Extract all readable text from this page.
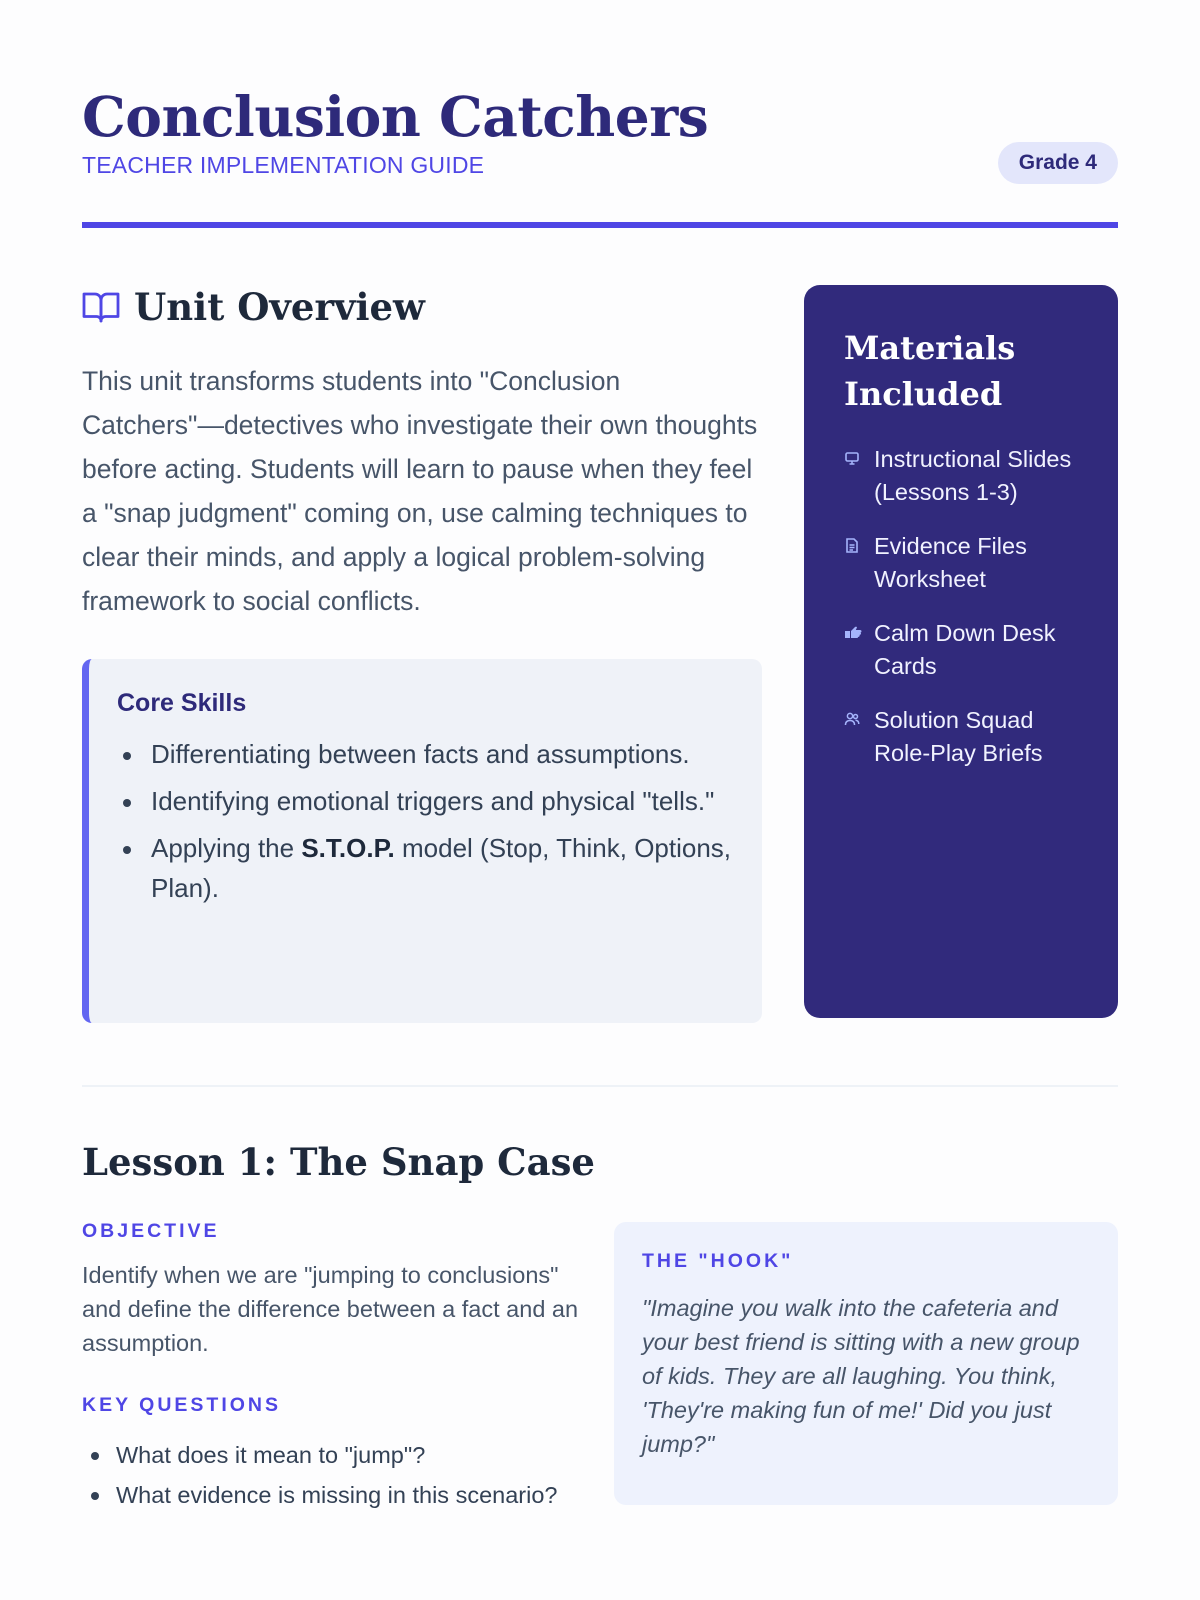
Conclusion Catchers
TEACHER IMPLEMENTATION GUIDE	Grade 4
Unit Overview

This unit transforms students into "Conclusion Catchers"—detectives who investigate their own thoughts before acting. Students will learn to pause when they feel a "snap judgment" coming on, use calming techniques to clear their minds, and apply a logical problem-solving framework to social conflicts.

Core Skills
Differentiating between facts and assumptions.
Identifying emotional triggers and physical "tells."
Applying the S.T.O.P. model (Stop, Think, Options, Plan).
Materials Included
Instructional Slides (Lessons 1-3)
Evidence Files Worksheet
Calm Down Desk Cards
Solution Squad Role-Play Briefs
Lesson 1: The Snap Case
OBJECTIVE

Identify when we are "jumping to conclusions" and define the difference between a fact and an assumption.

KEY QUESTIONS
What does it mean to "jump"?
What evidence is missing in this scenario?
THE "HOOK"

"Imagine you walk into the cafeteria and your best friend is sitting with a new group of kids. They are all laughing. You think, 'They're making fun of me!' Did you just jump?"
